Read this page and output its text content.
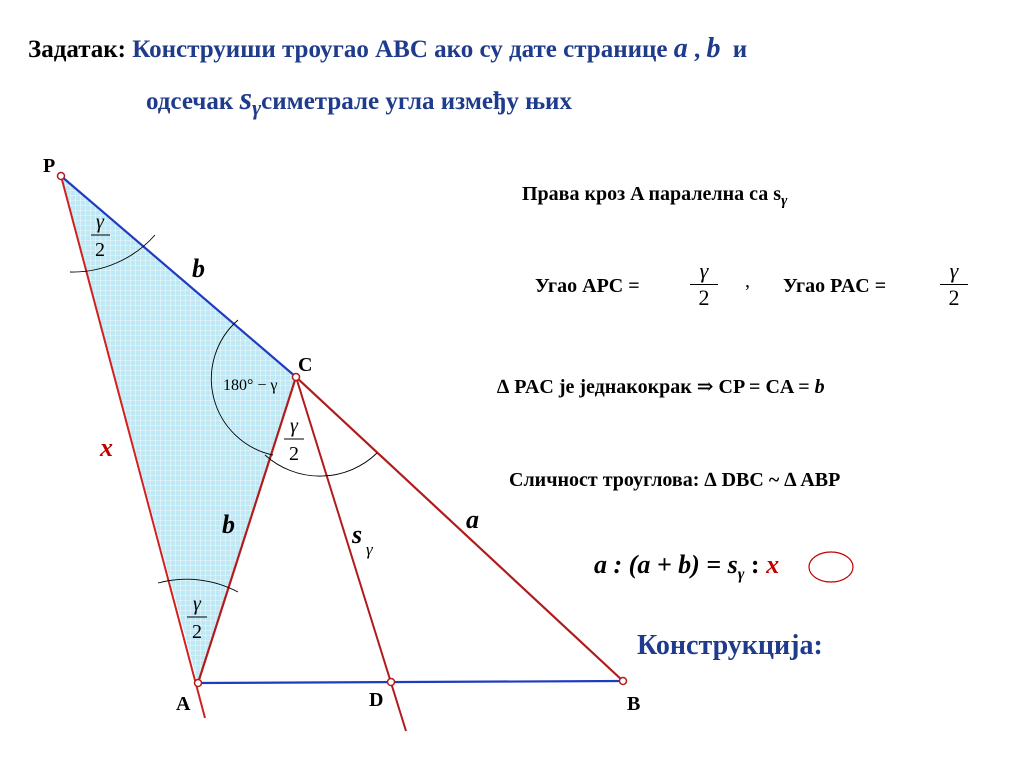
Задатак: Конструиши троугао ABC ако су дате странице a , b и
одсечак $s_\gamma симетрале$ угла између њих
Права кроз A паралелна са $s_\gamma$
Угао APC =
γ
2
, Угао PAC =
γ
2
∆ PAC је једнакокрак ⇒ CP = CA = b
Сличност троуглова: ∆ DBC ~ ∆ ABP
a : $(a + b) = s_\gamma$ : x
Конструкција:
γ
2
γ
2
γ
2
180° − γ
b
x
b	s
γ
a
P
C
A	D	B
